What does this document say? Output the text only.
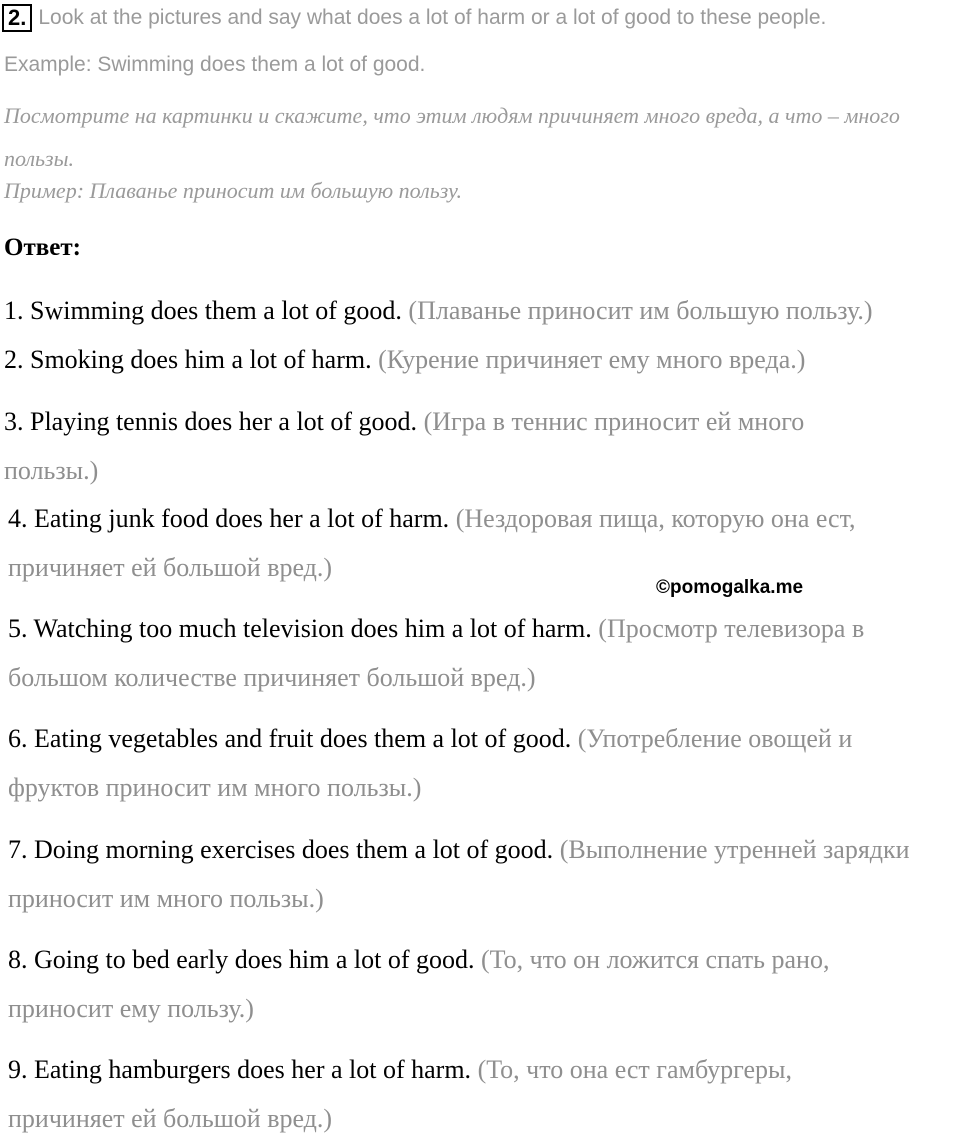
2. Look at the pictures and say what does a lot of harm or a lot of good to these people.
Example: Swimming does them a lot of good.
Посмотрите на картинки и скажите, что этим людям причиняет много вреда, а что – много пользы.
Пример: Плаванье приносит им большую пользу.
Ответ:
1. Swimming does them a lot of good. (Плаванье приносит им большую пользу.)
2. Smoking does him a lot of harm. (Курение причиняет ему много вреда.)
3. Playing tennis does her a lot of good. (Игра в теннис приносит ей много пользы.)
4. Eating junk food does her a lot of harm. (Нездоровая пища, которую она ест, причиняет ей большой вред.)
©pomogalka.me
5. Watching too much television does him a lot of harm. (Просмотр телевизора в большом количестве причиняет большой вред.)
6. Eating vegetables and fruit does them a lot of good. (Употребление овощей и фруктов приносит им много пользы.)
7. Doing morning exercises does them a lot of good. (Выполнение утренней зарядки приносит им много пользы.)
8. Going to bed early does him a lot of good. (То, что он ложится спать рано, приносит ему пользу.)
9. Eating hamburgers does her a lot of harm. (То, что она ест гамбургеры, причиняет ей большой вред.)
